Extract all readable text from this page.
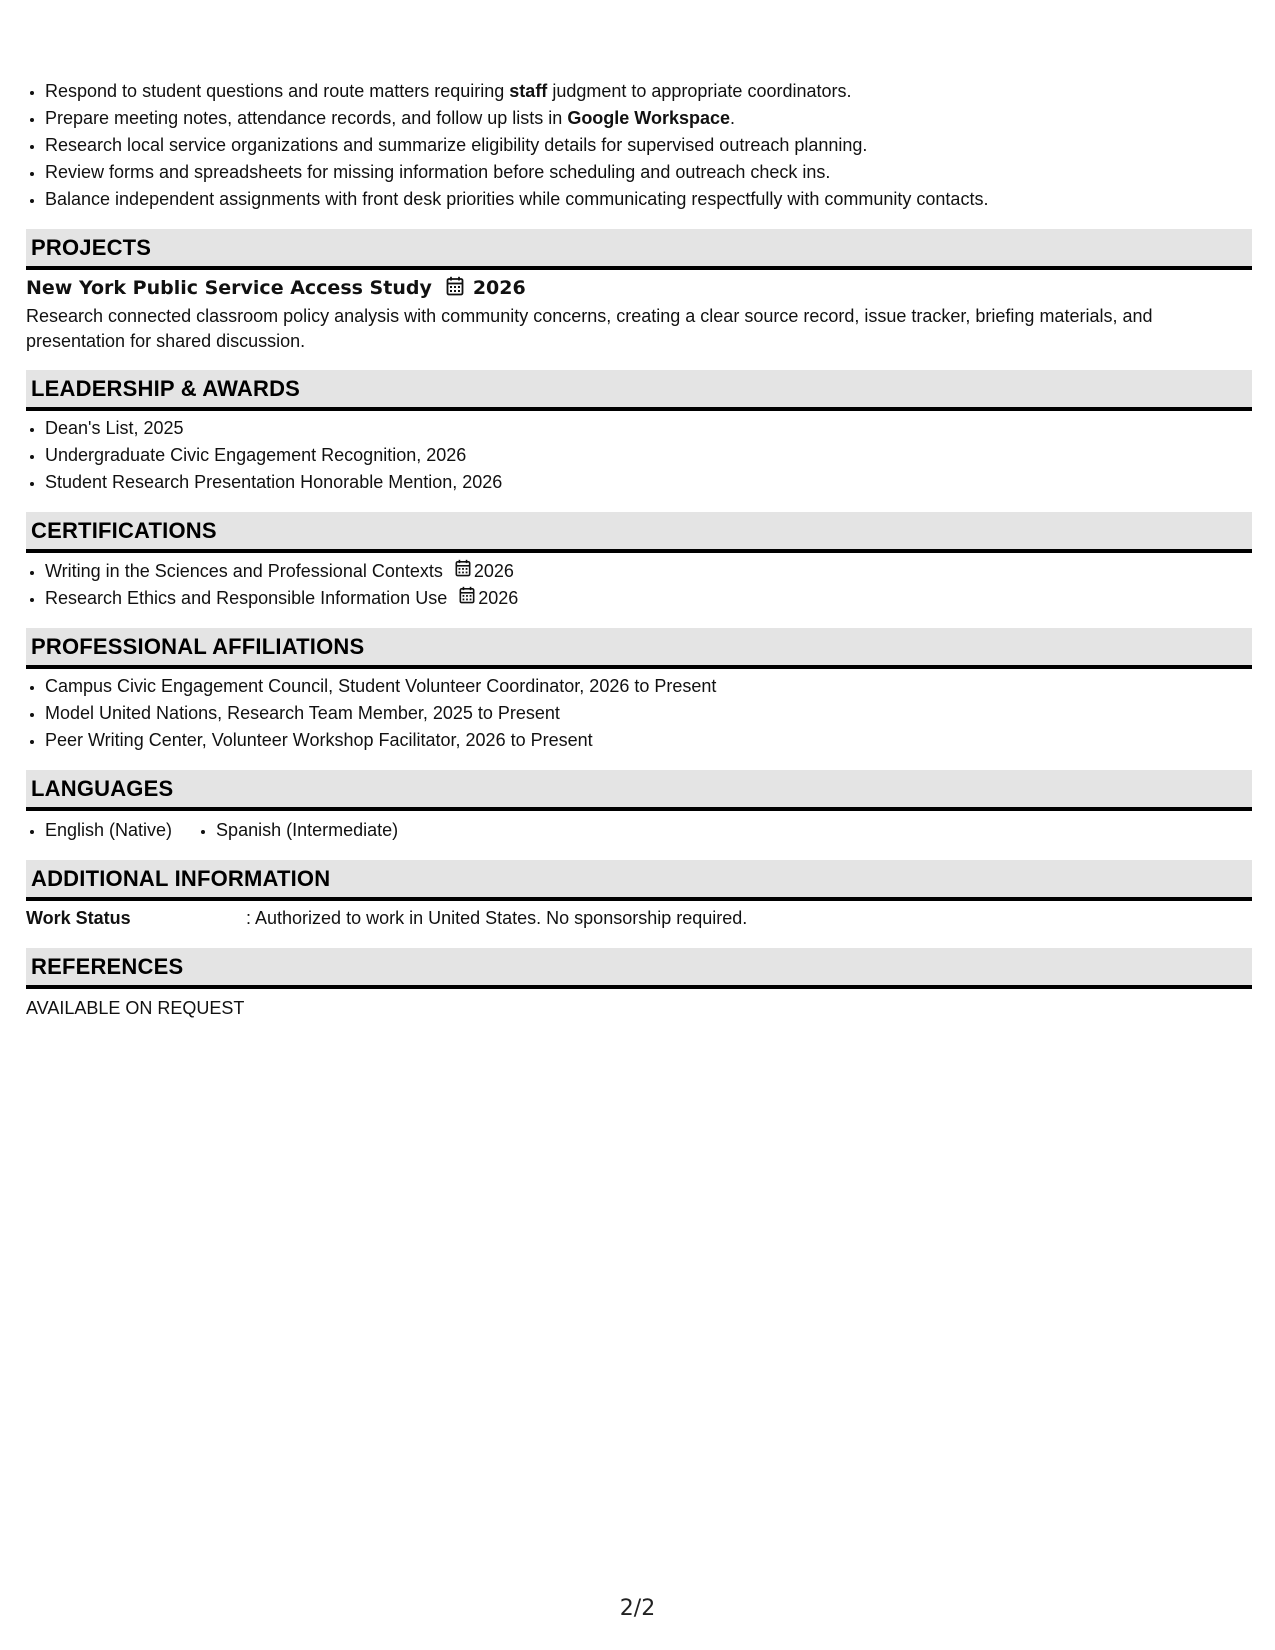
• Respond to student questions and route matters requiring staff judgment to appropriate coordinators.
• Prepare meeting notes, attendance records, and follow up lists in Google Workspace.
• Research local service organizations and summarize eligibility details for supervised outreach planning.
• Review forms and spreadsheets for missing information before scheduling and outreach check ins.
• Balance independent assignments with front desk priorities while communicating respectfully with community contacts.
PROJECTS
New York Public Service Access Study 2026
Research connected classroom policy analysis with community concerns, creating a clear source record, issue tracker, briefing materials, and presentation for shared discussion.
LEADERSHIP & AWARDS
• Dean's List, 2025
• Undergraduate Civic Engagement Recognition, 2026
• Student Research Presentation Honorable Mention, 2026
CERTIFICATIONS
• Writing in the Sciences and Professional Contexts 2026
• Research Ethics and Responsible Information Use 2026
PROFESSIONAL AFFILIATIONS
• Campus Civic Engagement Council, Student Volunteer Coordinator, 2026 to Present
• Model United Nations, Research Team Member, 2025 to Present
• Peer Writing Center, Volunteer Workshop Facilitator, 2026 to Present
LANGUAGES
• English (Native)
• Spanish (Intermediate)
ADDITIONAL INFORMATION
Work Status	: Authorized to work in United States. No sponsorship required.
REFERENCES
AVAILABLE ON REQUEST
2/2
